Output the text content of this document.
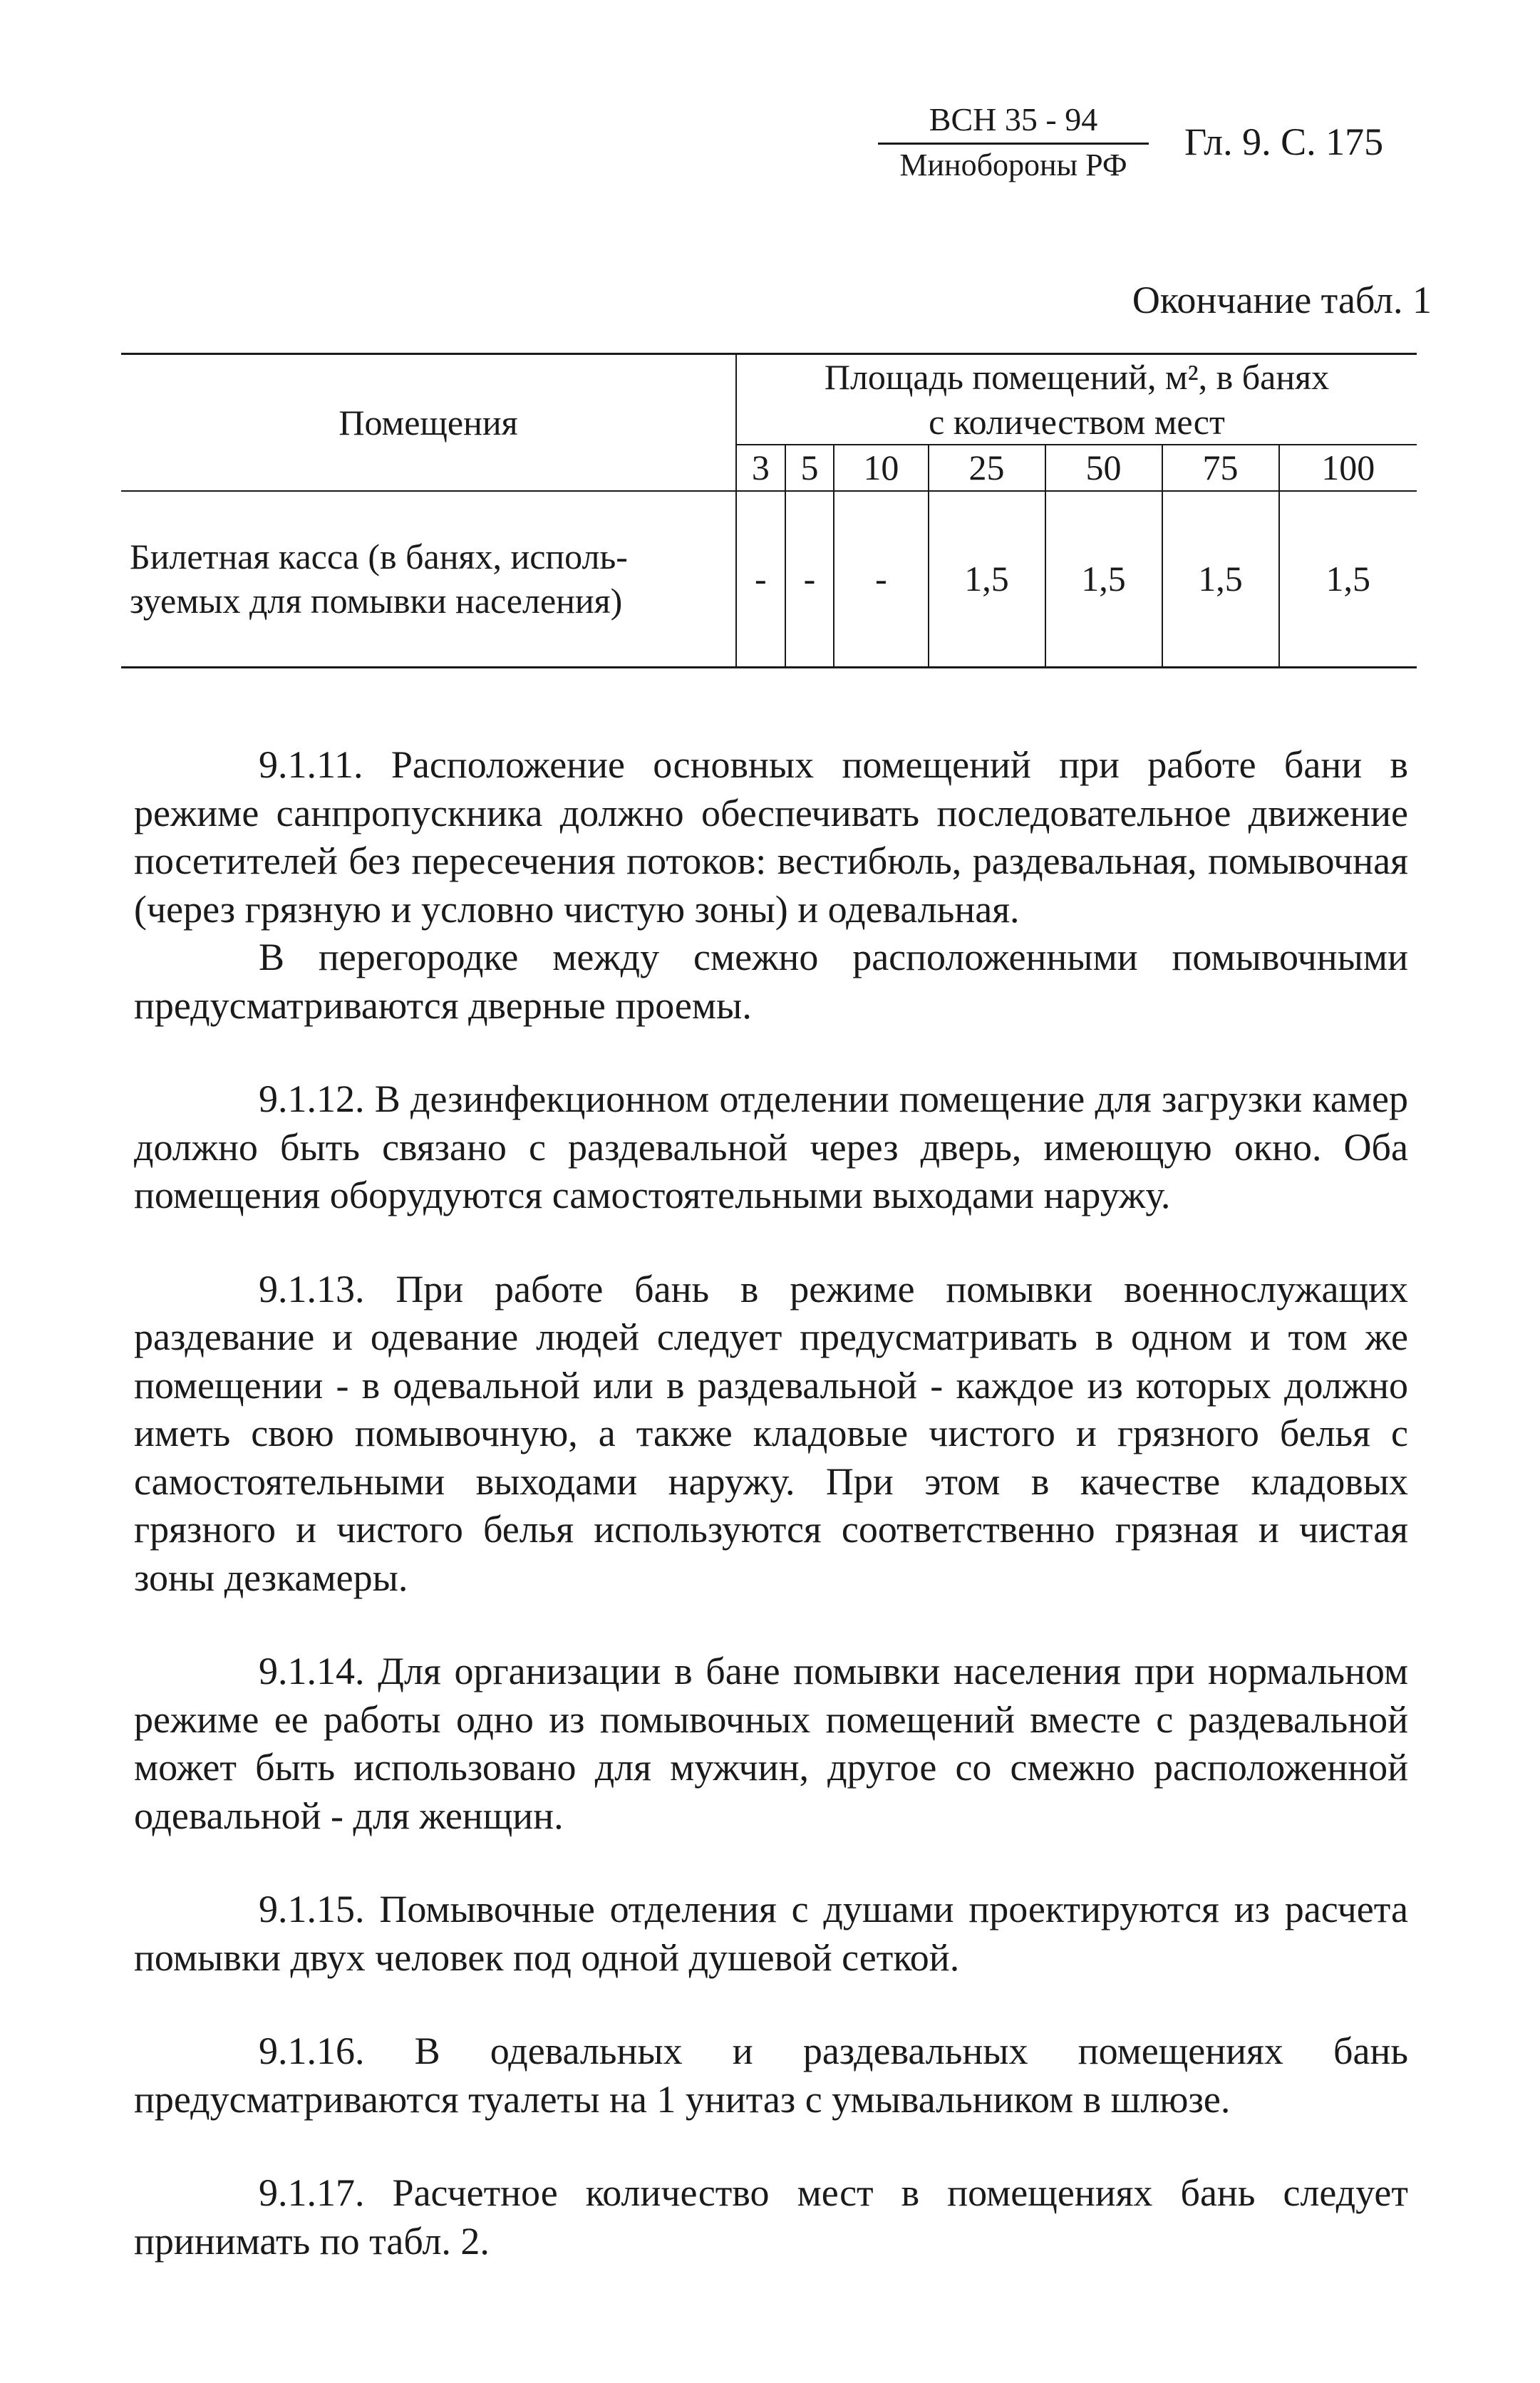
ВСН 35 - 94
Минобороны РФ
Гл. 9. С. 175
Окончание табл. 1
Помещения	Площадь помещений, м², в банях
с количеством мест						
	3	5	10	25	50	75	100
Билетная касса (в банях, исполь-
зуемых для помывки населения)	-	-	-	1,5	1,5	1,5	1,5

9.1.11. Расположение основных помещений при работе бани в режиме санпропускника должно обеспечивать последовательное движение посетителей без пересечения потоков: вестибюль, раздевальная, помывочная (через грязную и условно чистую зоны) и одевальная.

В перегородке между смежно расположенными помывочными предусматриваются дверные проемы.

9.1.12. В дезинфекционном отделении помещение для загрузки камер должно быть связано с раздевальной через дверь, имеющую окно. Оба помещения оборудуются самостоятельными выходами наружу.

9.1.13. При работе бань в режиме помывки военнослужащих раздевание и одевание людей следует предусматривать в одном и том же помещении - в одевальной или в раздевальной - каждое из которых должно иметь свою помывочную, а также кладовые чистого и грязного белья с самостоятельными выходами наружу. При этом в качестве кладовых грязного и чистого белья используются соответственно грязная и чистая зоны дезкамеры.

9.1.14. Для организации в бане помывки населения при нормальном режиме ее работы одно из помывочных помещений вместе с раздевальной может быть использовано для мужчин, другое со смежно расположенной одевальной - для женщин.

9.1.15. Помывочные отделения с душами проектируются из расчета помывки двух человек под одной душевой сеткой.

9.1.16. В одевальных и раздевальных помещениях бань предусматриваются туалеты на 1 унитаз с умывальником в шлюзе.

9.1.17. Расчетное количество мест в помещениях бань следует принимать по табл. 2.
